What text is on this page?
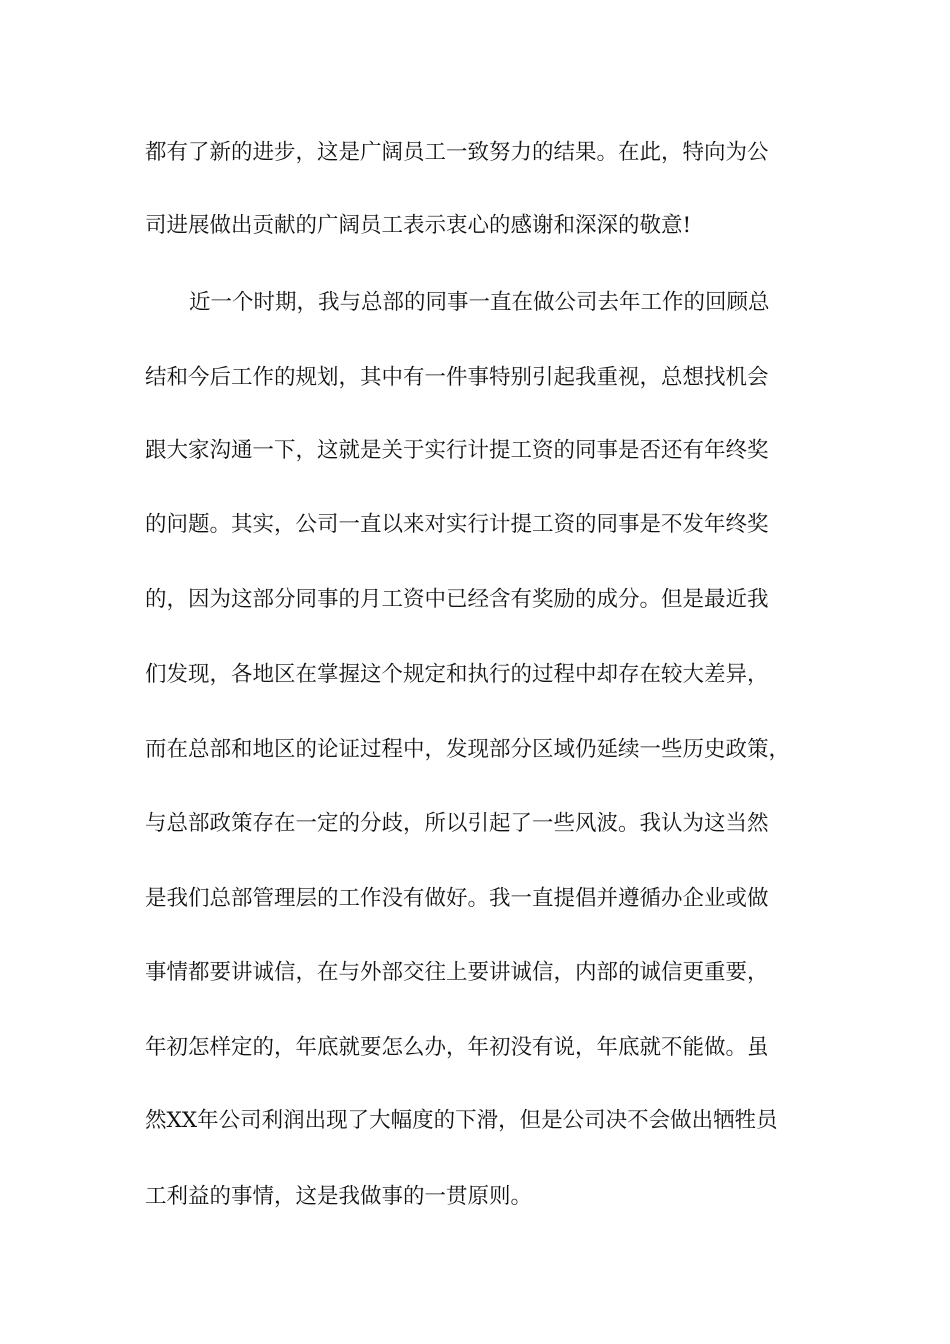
都有了新的进步，这是广阔员工一致努力的结果。在此，特向为公
司进展做出贡献的广阔员工表示衷心的感谢和深深的敬意!
近一个时期，我与总部的同事一直在做公司去年工作的回顾总
结和今后工作的规划，其中有一件事特别引起我重视，总想找机会
跟大家沟通一下，这就是关于实行计提工资的同事是否还有年终奖
的问题。其实，公司一直以来对实行计提工资的同事是不发年终奖
的，因为这部分同事的月工资中已经含有奖励的成分。但是最近我
们发现，各地区在掌握这个规定和执行的过程中却存在较大差异，
而在总部和地区的论证过程中，发现部分区域仍延续一些历史政策，
与总部政策存在一定的分歧，所以引起了一些风波。我认为这当然
是我们总部管理层的工作没有做好。我一直提倡并遵循办企业或做
事情都要讲诚信，在与外部交往上要讲诚信，内部的诚信更重要，
年初怎样定的，年底就要怎么办，年初没有说，年底就不能做。虽
然XX年公司利润出现了大幅度的下滑，但是公司决不会做出牺牲员
工利益的事情，这是我做事的一贯原则。
